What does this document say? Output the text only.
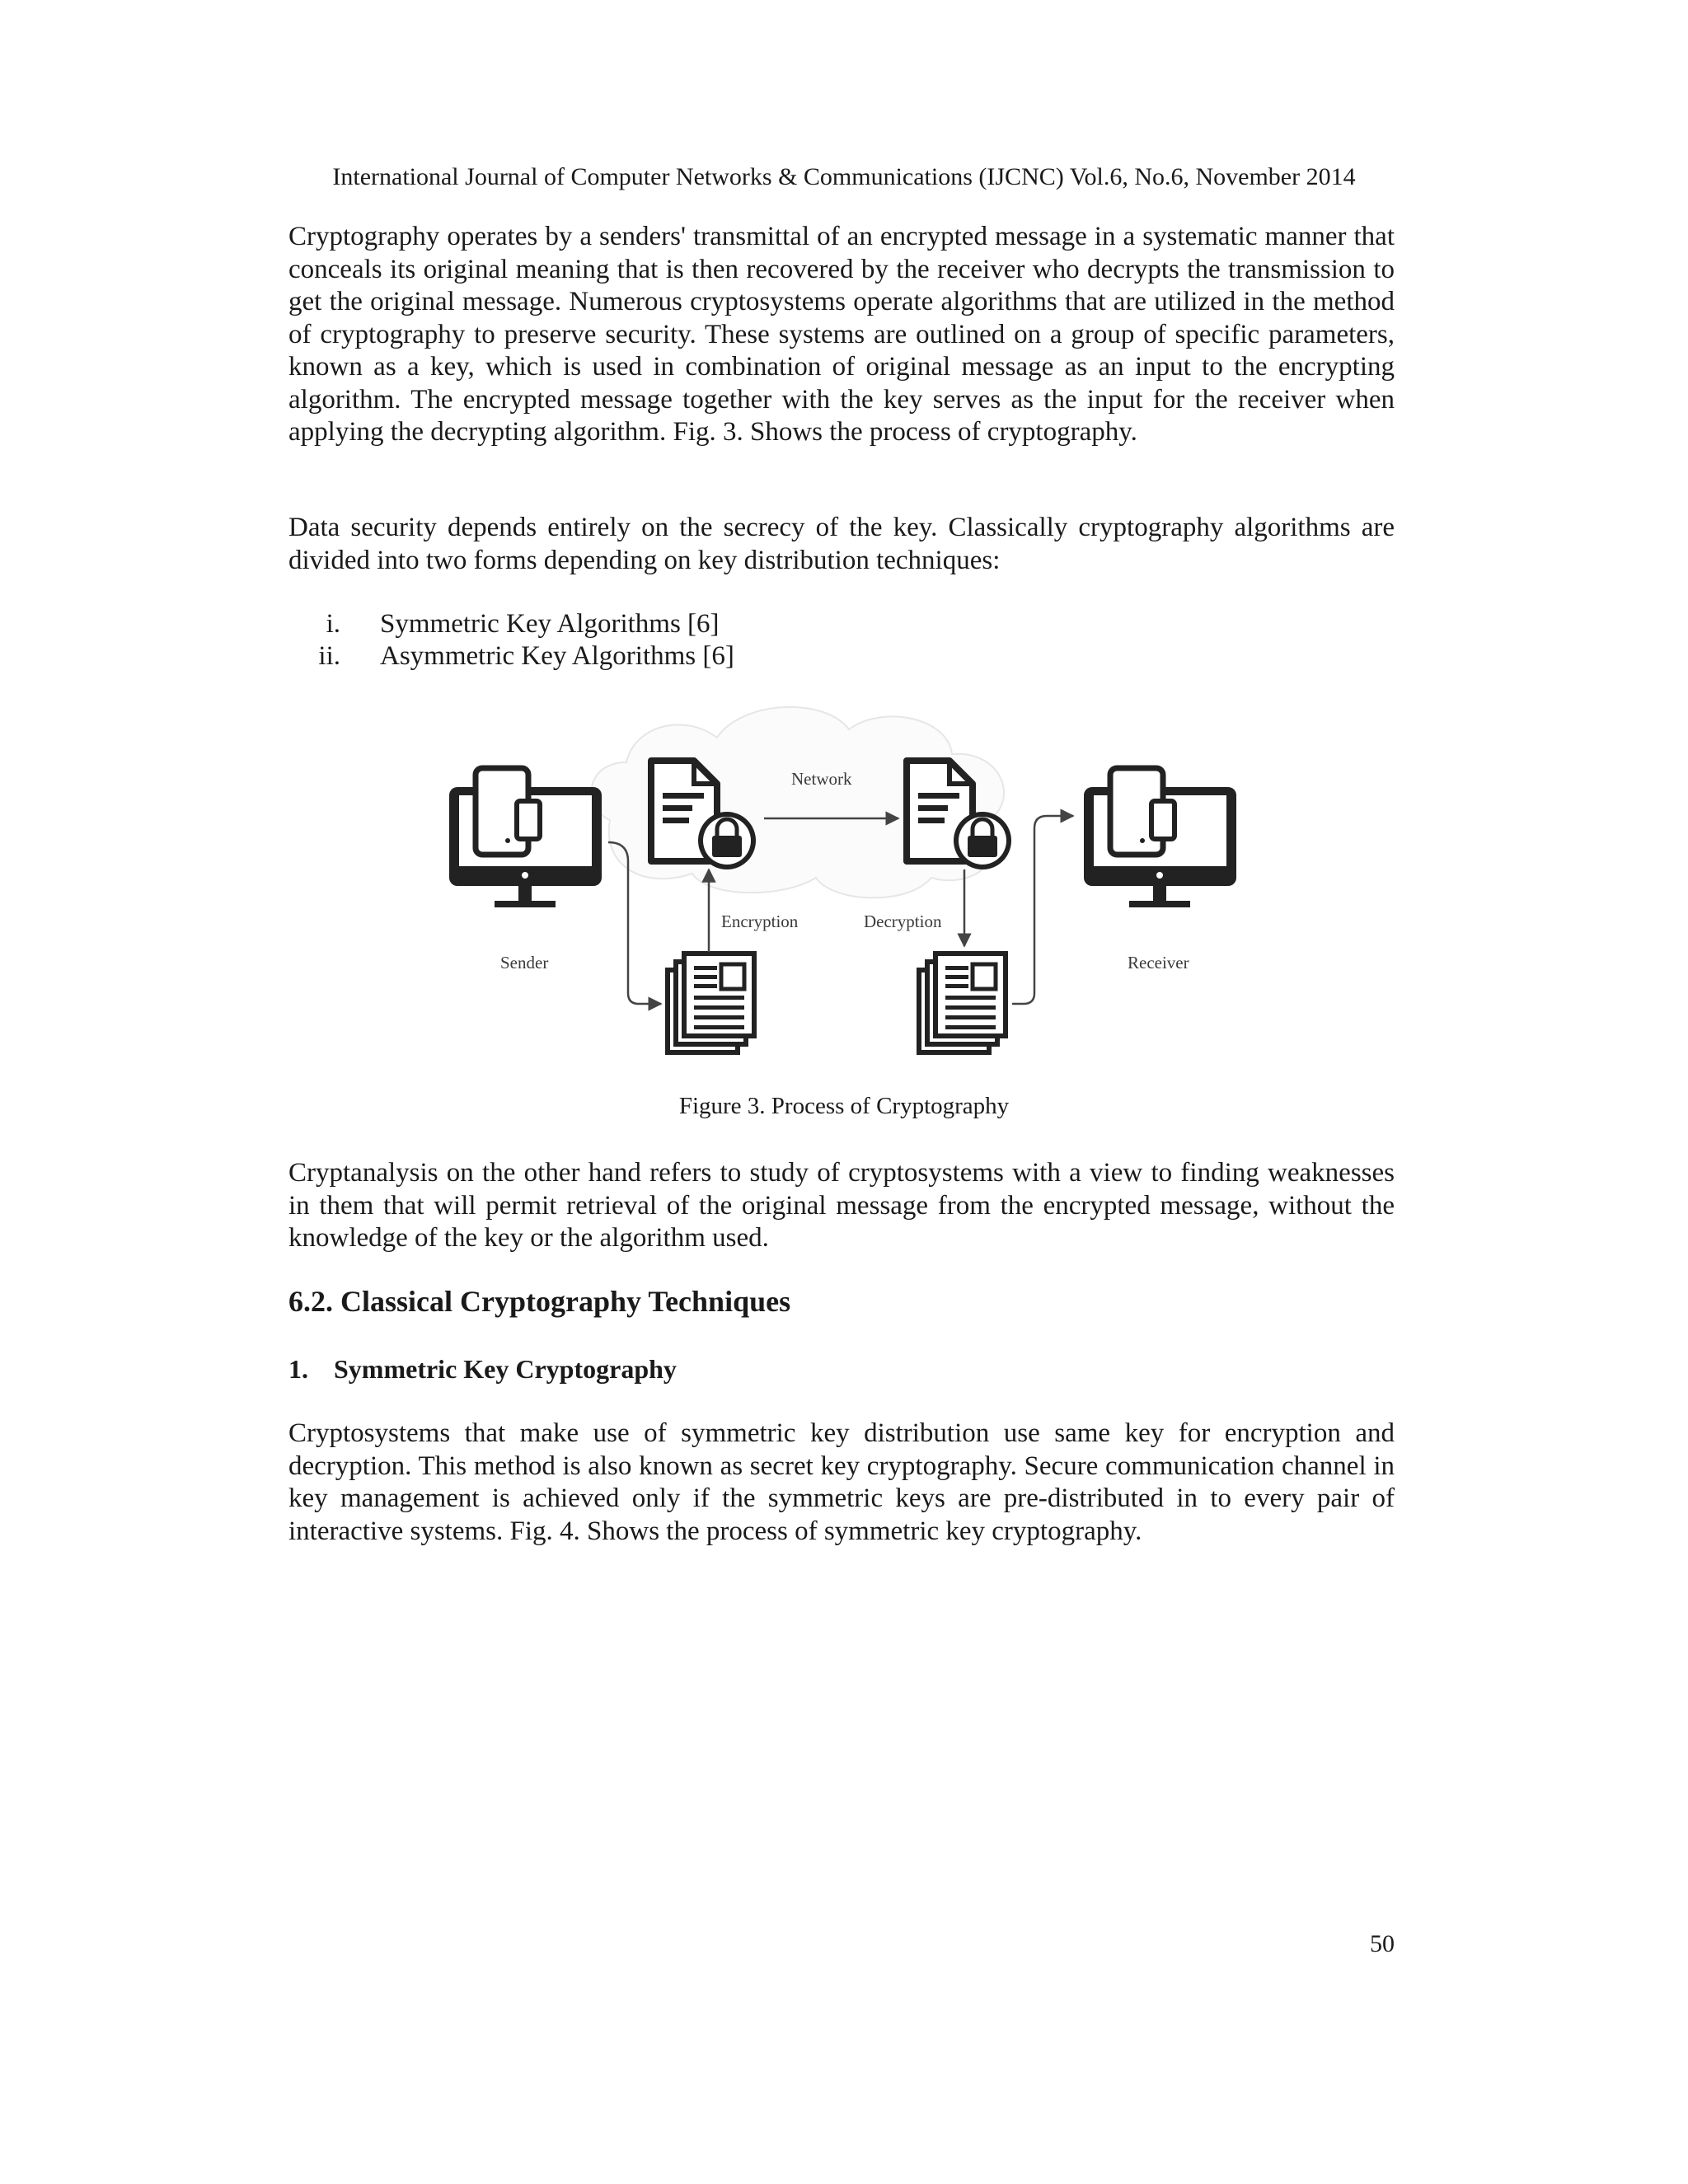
International Journal of Computer Networks & Communications (IJCNC) Vol.6, No.6, November 2014

Cryptography operates by a senders' transmittal of an encrypted message in a systematic manner that conceals its original meaning that is then recovered by the receiver who decrypts the transmission to get the original message. Numerous cryptosystems operate algorithms that are utilized in the method of cryptography to preserve security. These systems are outlined on a group of specific parameters, known as a key, which is used in combination of original message as an input to the encrypting algorithm. The encrypted message together with the key serves as the input for the receiver when applying the decrypting algorithm. Fig. 3. Shows the process of cryptography.

Data security depends entirely on the secrecy of the key. Classically cryptography algorithms are divided into two forms depending on key distribution techniques:

i. Symmetric Key Algorithms [6]
ii. Asymmetric Key Algorithms [6]
Network
Encryption	Decryption
Sender	Receiver
Figure 3. Process of Cryptography

Cryptanalysis on the other hand refers to study of cryptosystems with a view to finding weaknesses in them that will permit retrieval of the original message from the encrypted message, without the knowledge of the key or the algorithm used.

6.2. Classical Cryptography Techniques
1. Symmetric Key Cryptography

Cryptosystems that make use of symmetric key distribution use same key for encryption and decryption. This method is also known as secret key cryptography. Secure communication channel in key management is achieved only if the symmetric keys are pre-distributed in to every pair of interactive systems. Fig. 4. Shows the process of symmetric key cryptography.

50
